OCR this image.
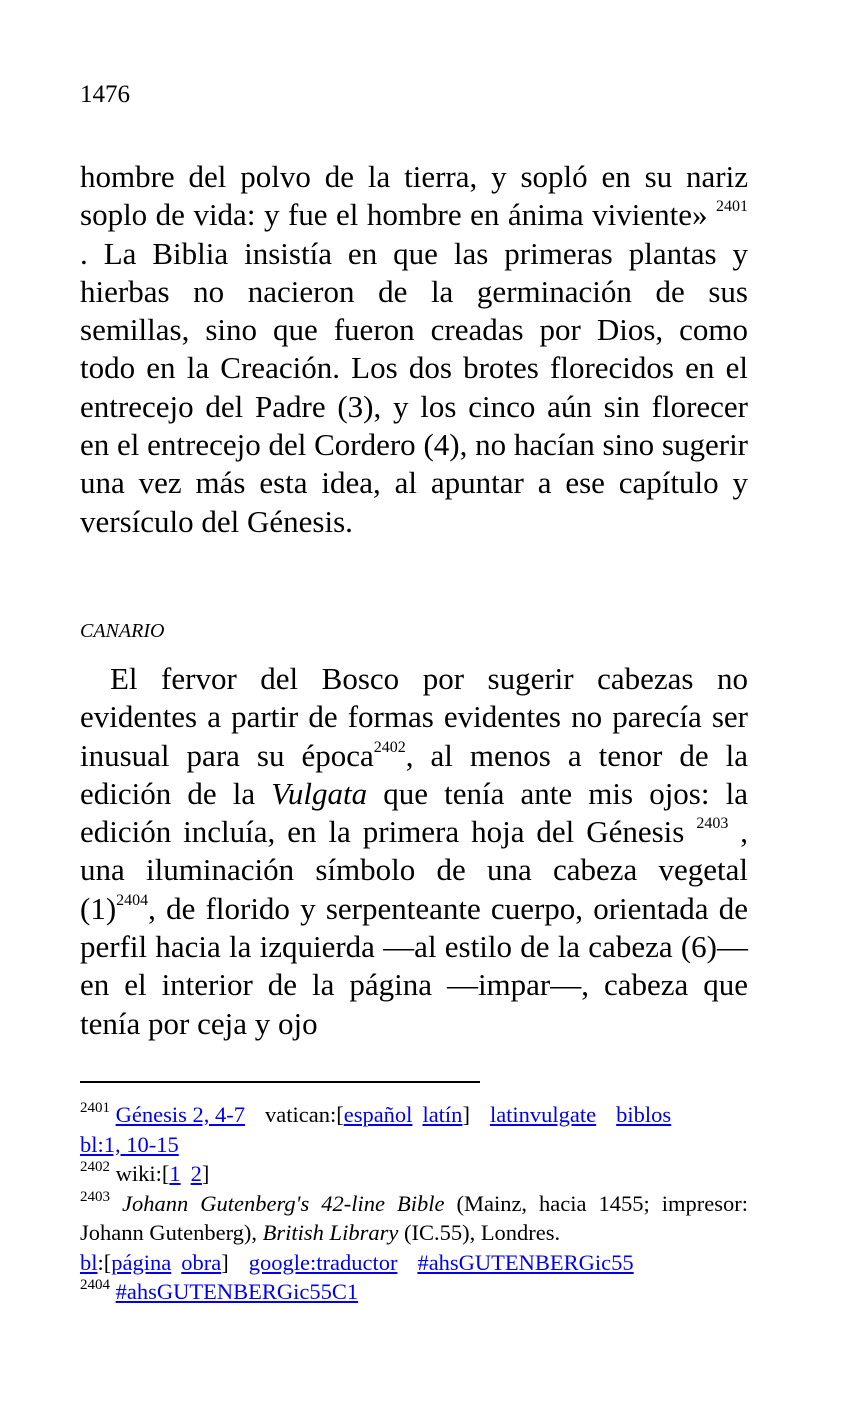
1476
hombre del polvo de la tierra, y sopló en su nariz soplo de vida: y fue el hombre en ánima viviente» $^{2401}$ . La Biblia insistía en que las primeras plantas y hierbas no nacieron de la germinación de sus semillas, sino que fueron creadas por Dios, como todo en la Creación. Los dos brotes florecidos en el entrecejo del Padre (3), y los cinco aún sin florecer en el entrecejo del Cordero (4), no hacían sino sugerir una vez más esta idea, al apuntar a ese capítulo y versículo del Génesis.
CANARIO
El fervor del Bosco por sugerir cabezas no evidentes a partir de formas evidentes no parecía ser inusual para su época$^{2402}$, al menos a tenor de la edición de la Vulgata que tenía ante mis ojos: la edición incluía, en la primera hoja del Génesis $^{2403}$ , una iluminación símbolo de una cabeza vegetal (1)$^{2404}$, de florido y serpenteante cuerpo, orientada de perfil hacia la izquierda —al estilo de la cabeza (6)— en el interior de la página —impar—, cabeza que tenía por ceja y ojo
$^{2401}$ Génesis 2, 4-7 vatican:[español latín] latinvulgate biblos
bl:1, 10-15
$^{2402}$ wiki:[1 2]
$^{2403}$ Johann Gutenberg's 42-line Bible (Mainz, hacia 1455; impresor: Johann Gutenberg), British Library (IC.55), Londres.
bl:[página obra] google:traductor #ahsGUTENBERGic55
$^{2404}$ #ahsGUTENBERGic55C1
